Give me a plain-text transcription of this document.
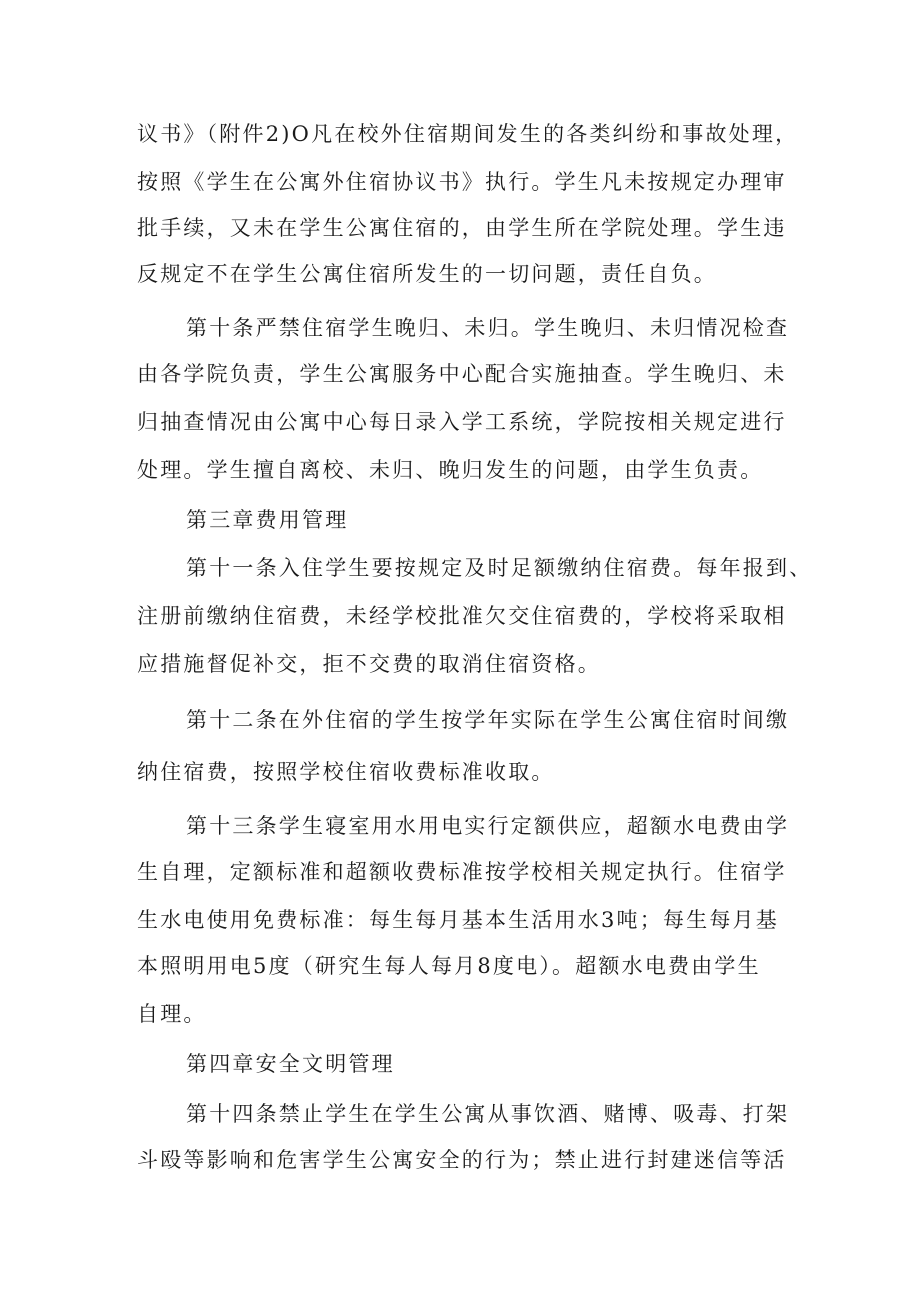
议书》（附件2)O凡在校外住宿期间发生的各类纠纷和事故处理，
按照《学生在公寓外住宿协议书》执行。学生凡未按规定办理审
批手续，又未在学生公寓住宿的，由学生所在学院处理。学生违
反规定不在学生公寓住宿所发生的一切问题，责任自负。
第十条严禁住宿学生晚归、未归。学生晚归、未归情况检查
由各学院负责，学生公寓服务中心配合实施抽查。学生晚归、未
归抽查情况由公寓中心每日录入学工系统，学院按相关规定进行
处理。学生擅自离校、未归、晚归发生的问题，由学生负责。
第三章费用管理
第十一条入住学生要按规定及时足额缴纳住宿费。每年报到、
注册前缴纳住宿费，未经学校批准欠交住宿费的，学校将采取相
应措施督促补交，拒不交费的取消住宿资格。
第十二条在外住宿的学生按学年实际在学生公寓住宿时间缴
纳住宿费，按照学校住宿收费标准收取。
第十三条学生寝室用水用电实行定额供应，超额水电费由学
生自理，定额标准和超额收费标准按学校相关规定执行。住宿学
生水电使用免费标准：每生每月基本生活用水3吨；每生每月基
本照明用电5度（研究生每人每月8度电）。超额水电费由学生
自理。
第四章安全文明管理
第十四条禁止学生在学生公寓从事饮酒、赌博、吸毒、打架
斗殴等影响和危害学生公寓安全的行为；禁止进行封建迷信等活
